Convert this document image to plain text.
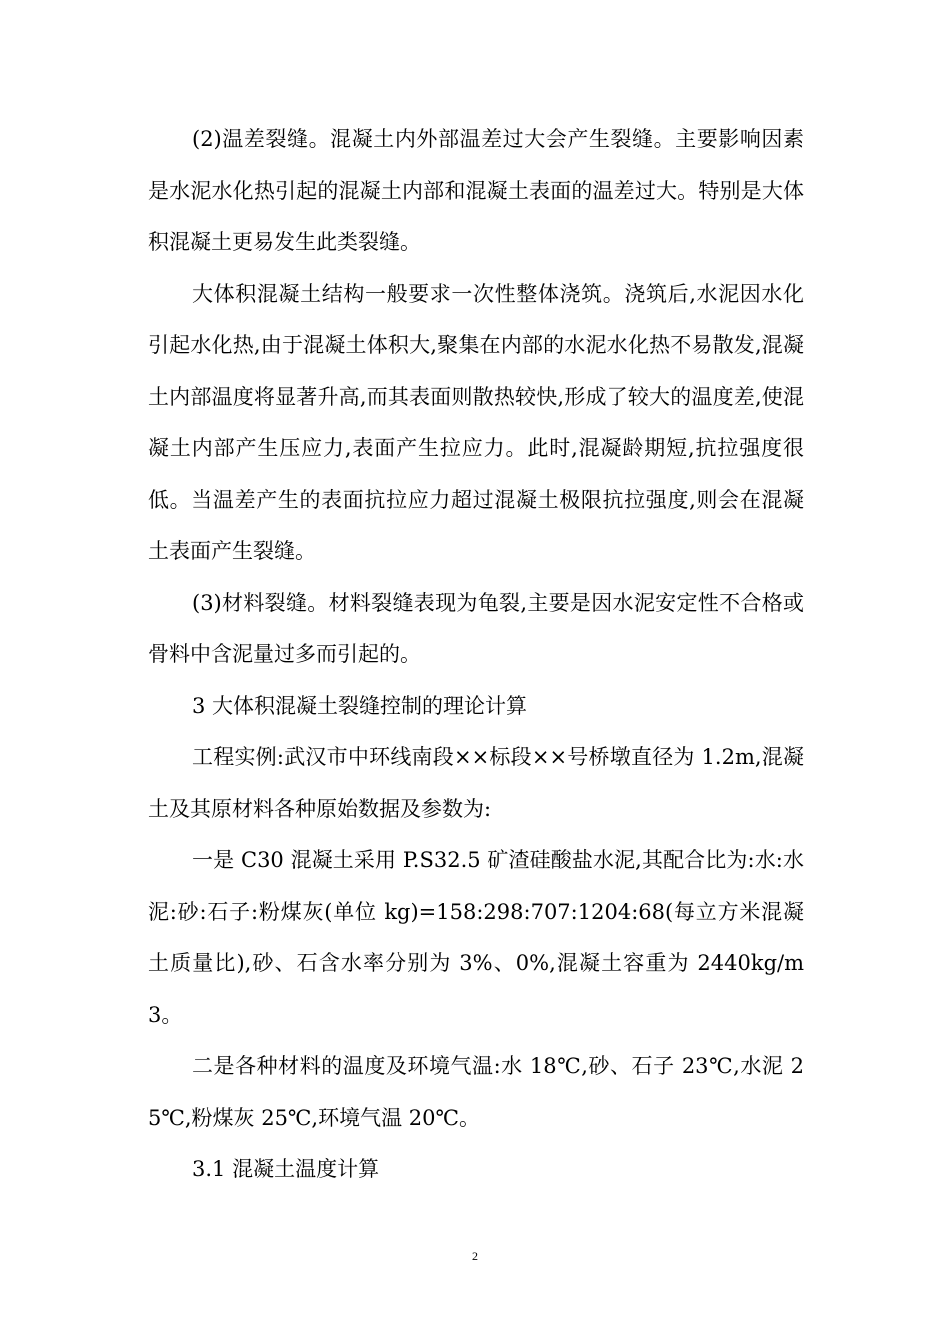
(2)温差裂缝。混凝土内外部温差过大会产生裂缝。主要影响因素是水泥水化热引起的混凝土内部和混凝土表面的温差过大。特别是大体积混凝土更易发生此类裂缝。

大体积混凝土结构一般要求一次性整体浇筑。浇筑后,水泥因水化引起水化热,由于混凝土体积大,聚集在内部的水泥水化热不易散发,混凝土内部温度将显著升高,而其表面则散热较快,形成了较大的温度差,使混凝土内部产生压应力,表面产生拉应力。此时,混凝龄期短,抗拉强度很低。当温差产生的表面抗拉应力超过混凝土极限抗拉强度,则会在混凝土表面产生裂缝。

(3)材料裂缝。材料裂缝表现为龟裂,主要是因水泥安定性不合格或骨料中含泥量过多而引起的。

3 大体积混凝土裂缝控制的理论计算

工程实例:武汉市中环线南段××标段××号桥墩直径为 1.2m,混凝土及其原材料各种原始数据及参数为:

一是 C30 混凝土采用 P.S32.5 矿渣硅酸盐水泥,其配合比为:水:水泥:砂:石子:粉煤灰(单位 kg)=158:298:707:1204:68(每立方米混凝土质量比),砂、石含水率分别为 3%、0%,混凝土容重为 2440kg/m3。

二是各种材料的温度及环境气温:水 18℃,砂、石子 23℃,水泥 25℃,粉煤灰 25℃,环境气温 20℃。

3.1 混凝土温度计算

2
